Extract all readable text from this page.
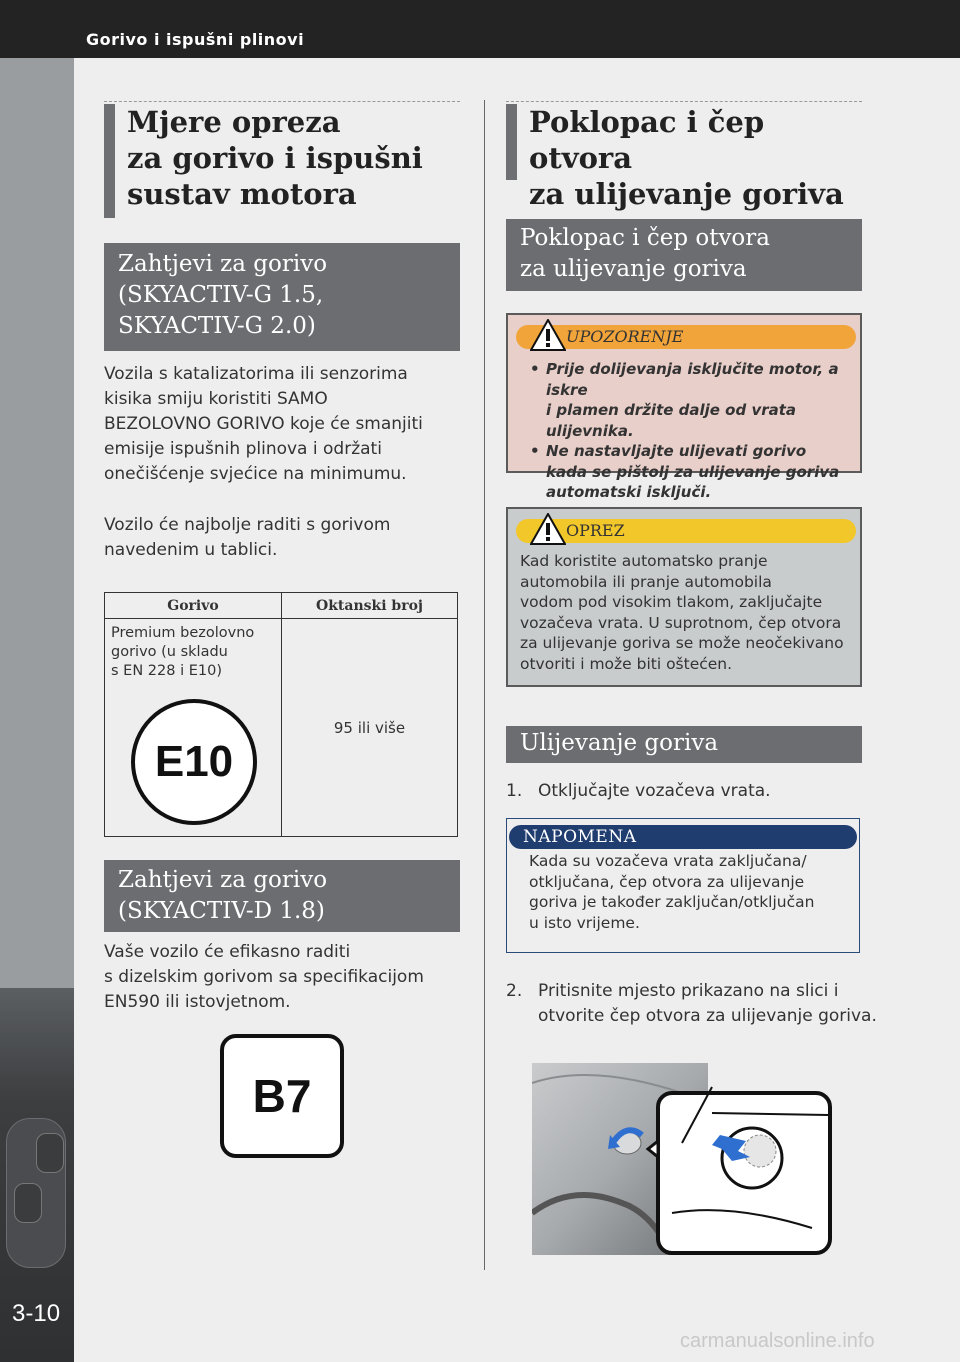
Gorivo i ispušni plinovi
3-10
Mjere opreza
za gorivo i ispušni
sustav motora
Zahtjevi za gorivo
(SKYACTIV-G 1.5,
SKYACTIV-G 2.0)
Vozila s katalizatorima ili senzorima
kisika smiju koristiti SAMO
BEZOLOVNO GORIVO koje će smanjiti
emisije ispušnih plinova i održati
onečišćenje svjećice na minimumu.
Vozilo će najbolje raditi s gorivom
navedenim u tablici.
Gorivo	Oktanski broj

Premium bezolovno
gorivo (u skladu
s EN 228 i E10)
E10	95 ili više
Zahtjevi za gorivo
(SKYACTIV-D 1.8)
Vaše vozilo će efikasno raditi
s dizelskim gorivom sa specifikacijom
EN590 ili istovjetnom.
B7
Poklopac i čep otvora
za ulijevanje goriva
Poklopac i čep otvora
za ulijevanje goriva
UPOZORENJE
• Prije dolijevanja isključite motor, a iskre
i plamen držite dalje od vrata ulijevnika.
• Ne nastavljajte ulijevati gorivo
kada se pištolj za ulijevanje goriva
automatski isključi.
OPREZ
Kad koristite automatsko pranje
automobila ili pranje automobila
vodom pod visokim tlakom, zaključajte
vozačeva vrata. U suprotnom, čep otvora
za ulijevanje goriva se može neočekivano
otvoriti i može biti oštećen.
Ulijevanje goriva
1. Otključajte vozačeva vrata.
NAPOMENA
Kada su vozačeva vrata zaključana/
otključana, čep otvora za ulijevanje
goriva je također zaključan/otključan
u isto vrijeme.
2. Pritisnite mjesto prikazano na slici i
otvorite čep otvora za ulijevanje goriva.
carmanualsonline.info
